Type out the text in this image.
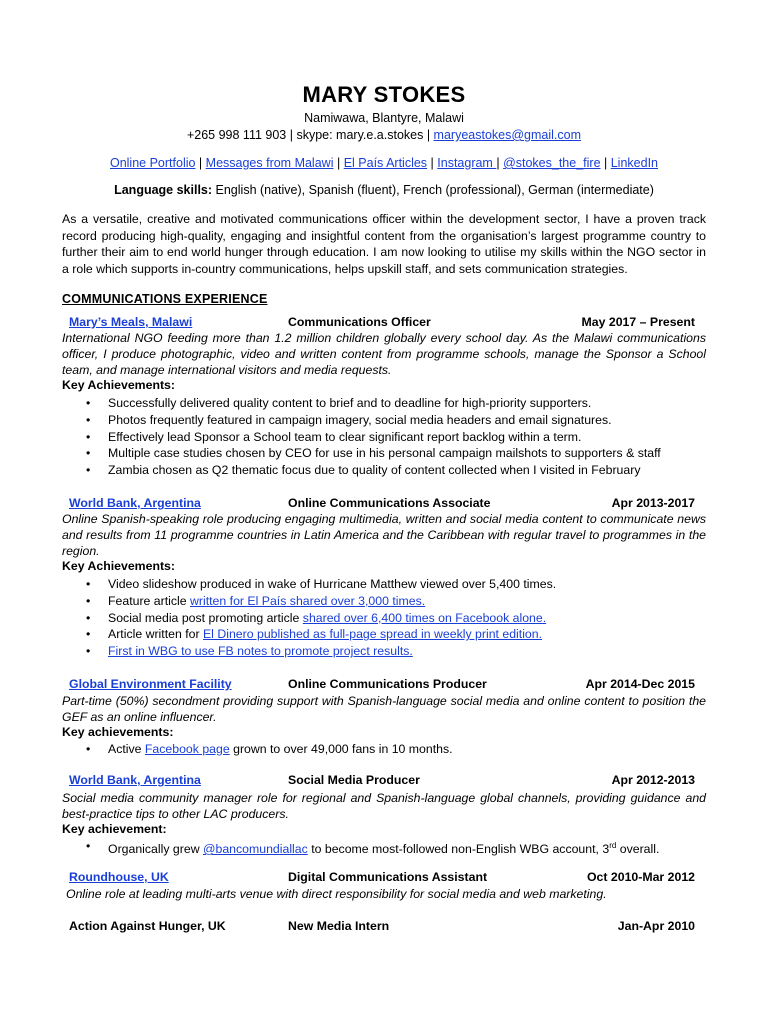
MARY STOKES
Namiwawa, Blantyre, Malawi
+265 998 111 903 | skype: mary.e.a.stokes | maryeastokes@gmail.com
Online Portfolio | Messages from Malawi | El País Articles | Instagram | @stokes_the_fire | LinkedIn
Language skills: English (native), Spanish (fluent), French (professional), German (intermediate)
As a versatile, creative and motivated communications officer within the development sector, I have a proven track record producing high-quality, engaging and insightful content from the organisation’s largest programme country to further their aim to end world hunger through education. I am now looking to utilise my skills within the NGO sector in a role which supports in-country communications, helps upskill staff, and sets communication strategies.
COMMUNICATIONS EXPERIENCE
Mary’s Meals, Malawi	Communications Officer	May 2017 – Present
International NGO feeding more than 1.2 million children globally every school day. As the Malawi communications officer, I produce photographic, video and written content from programme schools, manage the Sponsor a School team, and manage international visitors and media requests.
Key Achievements:
• Successfully delivered quality content to brief and to deadline for high-priority supporters.
• Photos frequently featured in campaign imagery, social media headers and email signatures.
• Effectively lead Sponsor a School team to clear significant report backlog within a term.
• Multiple case studies chosen by CEO for use in his personal campaign mailshots to supporters & staff
• Zambia chosen as Q2 thematic focus due to quality of content collected when I visited in February
World Bank, Argentina	Online Communications Associate	Apr 2013-2017
Online Spanish-speaking role producing engaging multimedia, written and social media content to communicate news and results from 11 programme countries in Latin America and the Caribbean with regular travel to programmes in the region.
Key Achievements:
• Video slideshow produced in wake of Hurricane Matthew viewed over 5,400 times.
• Feature article written for El País shared over 3,000 times.
• Social media post promoting article shared over 6,400 times on Facebook alone.
• Article written for El Dinero published as full-page spread in weekly print edition.
• First in WBG to use FB notes to promote project results.
Global Environment Facility	Online Communications Producer	Apr 2014-Dec 2015
Part-time (50%) secondment providing support with Spanish-language social media and online content to position the GEF as an online influencer.
Key achievements:
• Active Facebook page grown to over 49,000 fans in 10 months.
World Bank, Argentina	Social Media Producer	Apr 2012-2013
Social media community manager role for regional and Spanish-language global channels, providing guidance and best-practice tips to other LAC producers.
Key achievement:
• Organically grew @bancomundiallac to become most-followed non-English WBG account, 3rd overall.
Roundhouse, UK	Digital Communications Assistant	Oct 2010-Mar 2012
Online role at leading multi-arts venue with direct responsibility for social media and web marketing.
Action Against Hunger, UK	New Media Intern	Jan-Apr 2010
